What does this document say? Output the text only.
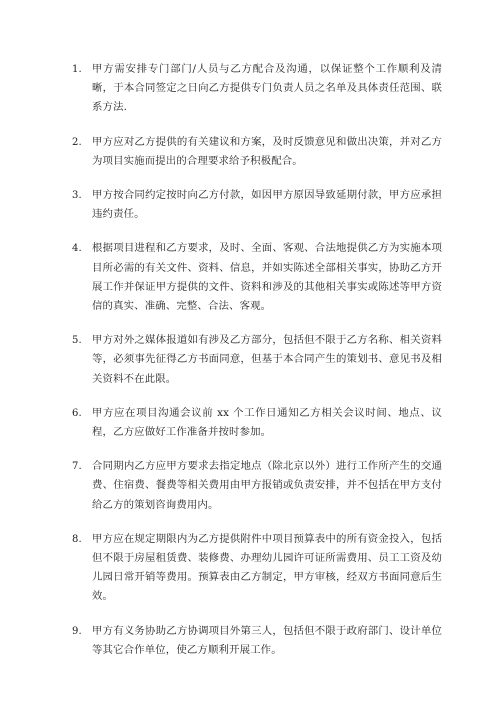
1. 甲方需安排专门部门/人员与乙方配合及沟通，以保证整个工作顺利及清晰，于本合同签定之日向乙方提供专门负责人员之名单及具体责任范围、联系方法.
2. 甲方应对乙方提供的有关建议和方案，及时反馈意见和做出决策，并对乙方为项目实施而提出的合理要求给予积极配合。
3. 甲方按合同约定按时向乙方付款，如因甲方原因导致延期付款，甲方应承担违约责任。
4. 根据项目进程和乙方要求，及时、全面、客观、合法地提供乙方为实施本项目所必需的有关文件、资料、信息，并如实陈述全部相关事实，协助乙方开展工作并保证甲方提供的文件、资料和涉及的其他相关事实或陈述等甲方资信的真实、准确、完整、合法、客观。
5. 甲方对外之媒体报道如有涉及乙方部分，包括但不限于乙方名称、相关资料等，必须事先征得乙方书面同意，但基于本合同产生的策划书、意见书及相关资料不在此限。
6. 甲方应在项目沟通会议前 xx 个工作日通知乙方相关会议时间、地点、议程，乙方应做好工作准备并按时参加。
7. 合同期内乙方应甲方要求去指定地点（除北京以外）进行工作所产生的交通费、住宿费、餐费等相关费用由甲方报销或负责安排，并不包括在甲方支付给乙方的策划咨询费用内。
8. 甲方应在规定期限内为乙方提供附件中项目预算表中的所有资金投入，包括但不限于房屋租赁费、装修费、办理幼儿园许可证所需费用、员工工资及幼儿园日常开销等费用。预算表由乙方制定，甲方审核，经双方书面同意后生效。
9. 甲方有义务协助乙方协调项目外第三人，包括但不限于政府部门、设计单位等其它合作单位，使乙方顺利开展工作。
